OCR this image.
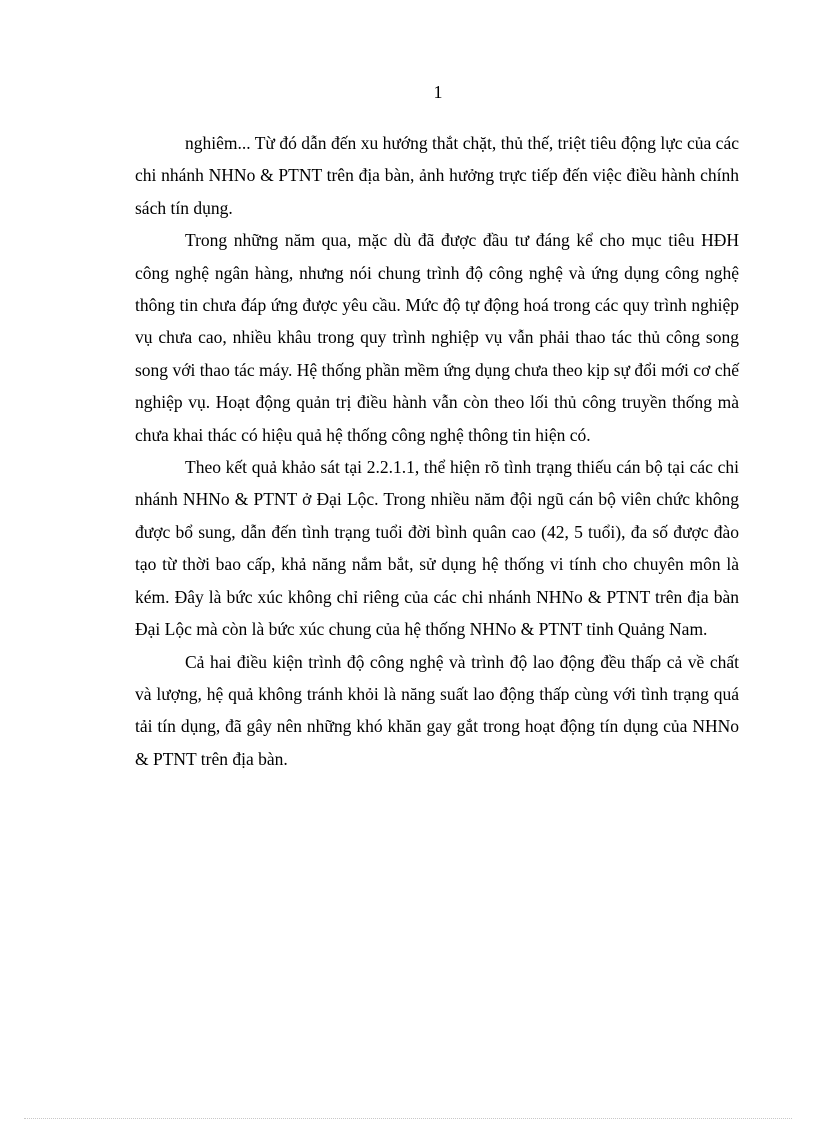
1

nghiêm... Từ đó dẫn đến xu hướng thắt chặt, thủ thế, triệt tiêu động lực của các chi nhánh NHNo & PTNT trên địa bàn, ảnh hưởng trực tiếp đến việc điều hành chính sách tín dụng.

Trong những năm qua, mặc dù đã được đầu tư đáng kể cho mục tiêu HĐH công nghệ ngân hàng, nhưng nói chung trình độ công nghệ và ứng dụng công nghệ thông tin chưa đáp ứng được yêu cầu. Mức độ tự động hoá trong các quy trình nghiệp vụ chưa cao, nhiều khâu trong quy trình nghiệp vụ vẫn phải thao tác thủ công song song với thao tác máy. Hệ thống phần mềm ứng dụng chưa theo kịp sự đổi mới cơ chế nghiệp vụ. Hoạt động quản trị điều hành vẫn còn theo lối thủ công truyền thống mà chưa khai thác có hiệu quả hệ thống công nghệ thông tin hiện có.

Theo kết quả khảo sát tại 2.2.1.1, thể hiện rõ tình trạng thiếu cán bộ tại các chi nhánh NHNo & PTNT ở Đại Lộc. Trong nhiều năm đội ngũ cán bộ viên chức không được bổ sung, dẫn đến tình trạng tuổi đời bình quân cao (42, 5 tuổi), đa số được đào tạo từ thời bao cấp, khả năng nắm bắt, sử dụng hệ thống vi tính cho chuyên môn là kém. Đây là bức xúc không chỉ riêng của các chi nhánh NHNo & PTNT trên địa bàn Đại Lộc mà còn là bức xúc chung của hệ thống NHNo & PTNT tỉnh Quảng Nam.

Cả hai điều kiện trình độ công nghệ và trình độ lao động đều thấp cả về chất và lượng, hệ quả không tránh khỏi là năng suất lao động thấp cùng với tình trạng quá tải tín dụng, đã gây nên những khó khăn gay gắt trong hoạt động tín dụng của NHNo & PTNT trên địa bàn.
